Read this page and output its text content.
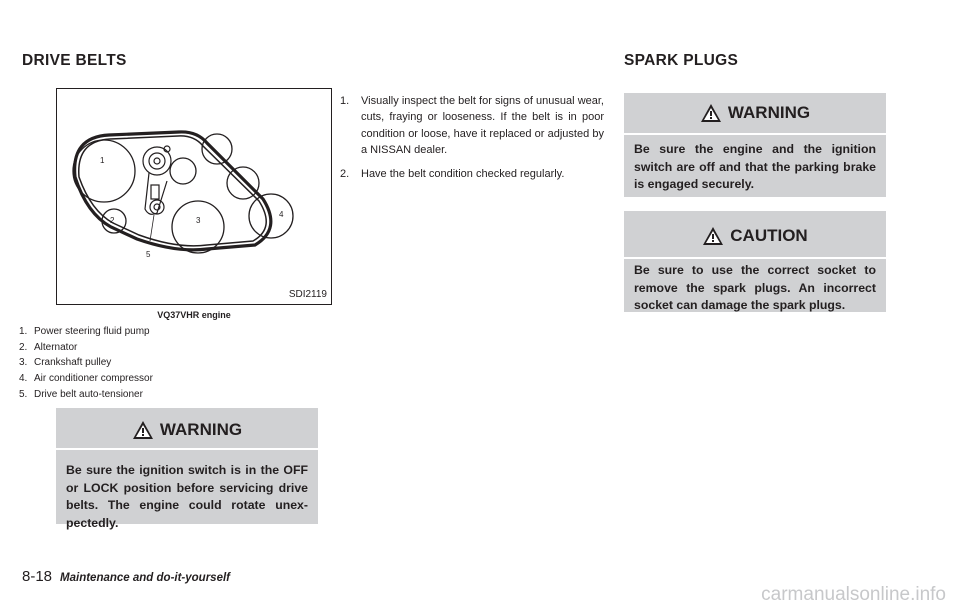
DRIVE BELTS	SPARK PLUGS
1
2	3
4
5
SDI2119
VQ37VHR engine
1. Power steering fluid pump
2. Alternator
3. Crankshaft pulley
4. Air conditioner compressor
5. Drive belt auto-tensioner
WARNING
Be sure the ignition switch is in the OFF or LOCK position before servicing drive belts. The engine could rotate unex-pectedly.
1.	Visually inspect the belt for signs of unusual wear, cuts, fraying or looseness. If the belt is in poor condition or loose, have it replaced or adjusted by a NISSAN dealer.
2.	Have the belt condition checked regularly.
WARNING
Be sure the engine and the ignition switch are off and that the parking brake is engaged securely.
CAUTION
Be sure to use the correct socket to remove the spark plugs. An incorrect socket can damage the spark plugs.
8-18 Maintenance and do-it-yourself
carmanualsonline.info
